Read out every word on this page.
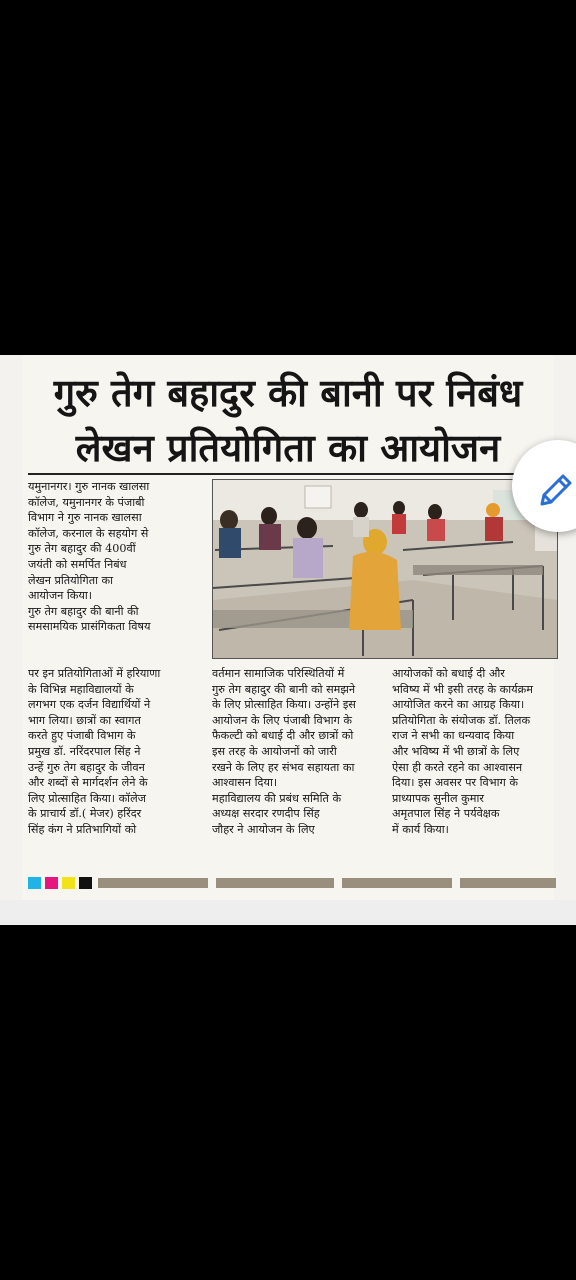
गुरु तेग बहादुर की बानी पर निबंध
लेखन प्रतियोगिता का आयोजन
यमुनानगर। गुरु नानक खालसा
कॉलेज, यमुनानगर के पंजाबी
विभाग ने गुरु नानक खालसा
कॉलेज, करनाल के सहयोग से
गुरु तेग बहादुर की 400वीं
जयंती को समर्पित निबंध
लेखन प्रतियोगिता का
आयोजन किया।
गुरु तेग बहादुर की बानी की
समसामयिक प्रासंगिकता विषय
पर इन प्रतियोगिताओं में हरियाणा
के विभिन्न महाविद्यालयों के
लगभग एक दर्जन विद्यार्थियों ने
भाग लिया। छात्रों का स्वागत
करते हुए पंजाबी विभाग के
प्रमुख डॉ. नरिंदरपाल सिंह ने
उन्हें गुरु तेग बहादुर के जीवन
और शब्दों से मार्गदर्शन लेने के
लिए प्रोत्साहित किया। कॉलेज
के प्राचार्य डॉ.( मेजर) हरिंदर
सिंह कंग ने प्रतिभागियों को
वर्तमान सामाजिक परिस्थितियों में
गुरु तेग बहादुर की बानी को समझने
के लिए प्रोत्साहित किया। उन्होंने इस
आयोजन के लिए पंजाबी विभाग के
फैकल्टी को बधाई दी और छात्रों को
इस तरह के आयोजनों को जारी
रखने के लिए हर संभव सहायता का
आश्वासन दिया।
महाविद्यालय की प्रबंध समिति के
अध्यक्ष सरदार रणदीप सिंह
जौहर ने आयोजन के लिए
आयोजकों को बधाई दी और
भविष्य में भी इसी तरह के कार्यक्रम
आयोजित करने का आग्रह किया।
प्रतियोगिता के संयोजक डॉ. तिलक
राज ने सभी का धन्यवाद किया
और भविष्य में भी छात्रों के लिए
ऐसा ही करते रहने का आश्वासन
दिया। इस अवसर पर विभाग के
प्राध्यापक सुनील कुमार
अमृतपाल सिंह ने पर्यवेक्षक
में कार्य किया।
